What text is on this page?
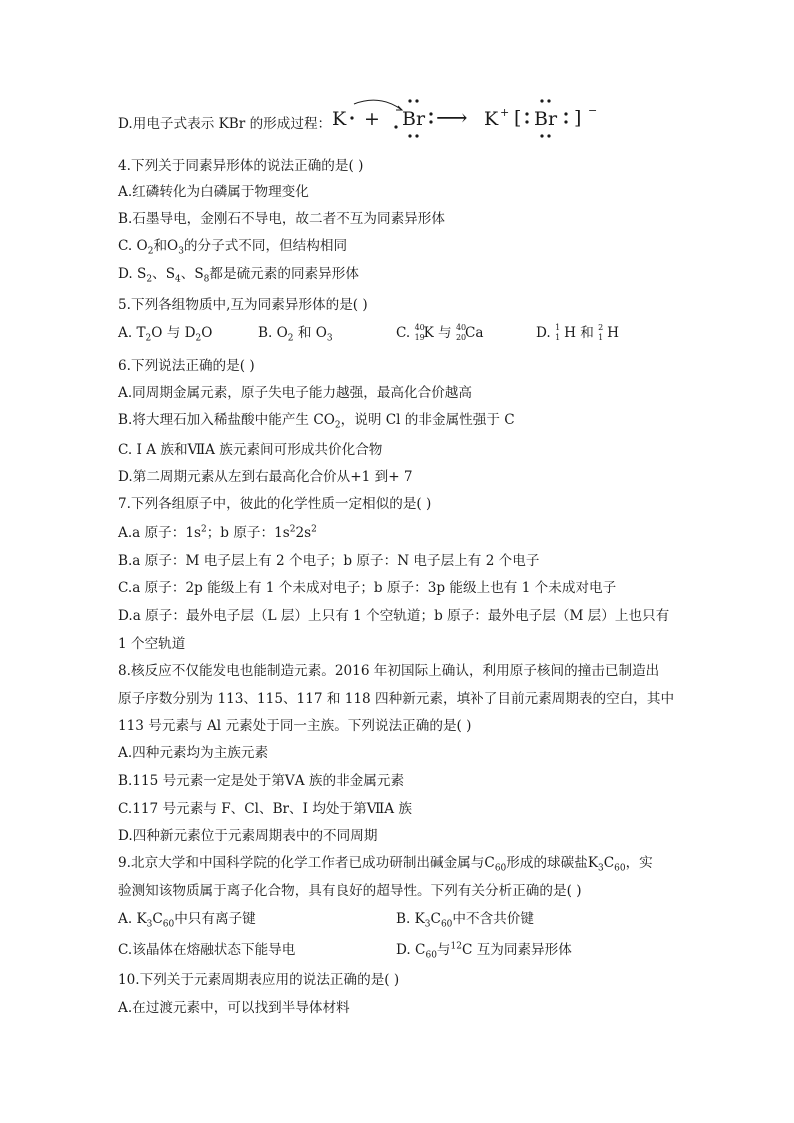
D.用电子式表示 KBr 的形成过程： K + Br ⟶ K + [ Br ] −
4.下列关于同素异形体的说法正确的是( )
A.红磷转化为白磷属于物理变化
B.石墨导电，金刚石不导电，故二者不互为同素异形体
C. $O_2$和$O_3$的分子式不同，但结构相同
D. $S_2$、$S_4$、$S_8$都是硫元素的同素异形体
5.下列各组物质中,互为同素异形体的是( )
A. $T_2O$ 与 $D_2O$	B. $O_2$ 和 $O_3$	C. 40
19
K 与 40
20
Ca	D. 1
1 H 和 2
1 H
6.下列说法正确的是( )
A.同周期金属元素，原子失电子能力越强，最高化合价越高
B.将大理石加入稀盐酸中能产生 $CO_2$，说明 Cl 的非金属性强于 C
C. Ⅰ A 族和ⅦA 族元素间可形成共价化合物
D.第二周期元素从左到右最高化合价从+1 到+ 7
7.下列各组原子中，彼此的化学性质一定相似的是( )
A.a 原子：$1s^2$；b 原子：$1s^22s^2$
B.a 原子：M 电子层上有 2 个电子；b 原子：N 电子层上有 2 个电子
C.a 原子：2p 能级上有 1 个未成对电子；b 原子：3p 能级上也有 1 个未成对电子
D.a 原子：最外电子层（L 层）上只有 1 个空轨道；b 原子：最外电子层（M 层）上也只有
1 个空轨道
8.核反应不仅能发电也能制造元素。2016 年初国际上确认，利用原子核间的撞击已制造出
原子序数分别为 113、115、117 和 118 四种新元素，填补了目前元素周期表的空白，其中
113 号元素与 Al 元素处于同一主族。下列说法正确的是( )
A.四种元素均为主族元素
B.115 号元素一定是处于第ⅤA 族的非金属元素
C.117 号元素与 F、Cl、Br、I 均处于第ⅦA 族
D.四种新元素位于元素周期表中的不同周期
9.北京大学和中国科学院的化学工作者已成功研制出碱金属与$C_{60}$形成的球碳盐$K_3C_{60}$，实
验测知该物质属于离子化合物，具有良好的超导性。下列有关分析正确的是( )
A. $K_3C_{60}$中只有离子键	B. $K_3C_{60}$中不含共价键
C.该晶体在熔融状态下能导电	D. $C_{60}$与$^{12}$C 互为同素异形体
10.下列关于元素周期表应用的说法正确的是( )
A.在过渡元素中，可以找到半导体材料
